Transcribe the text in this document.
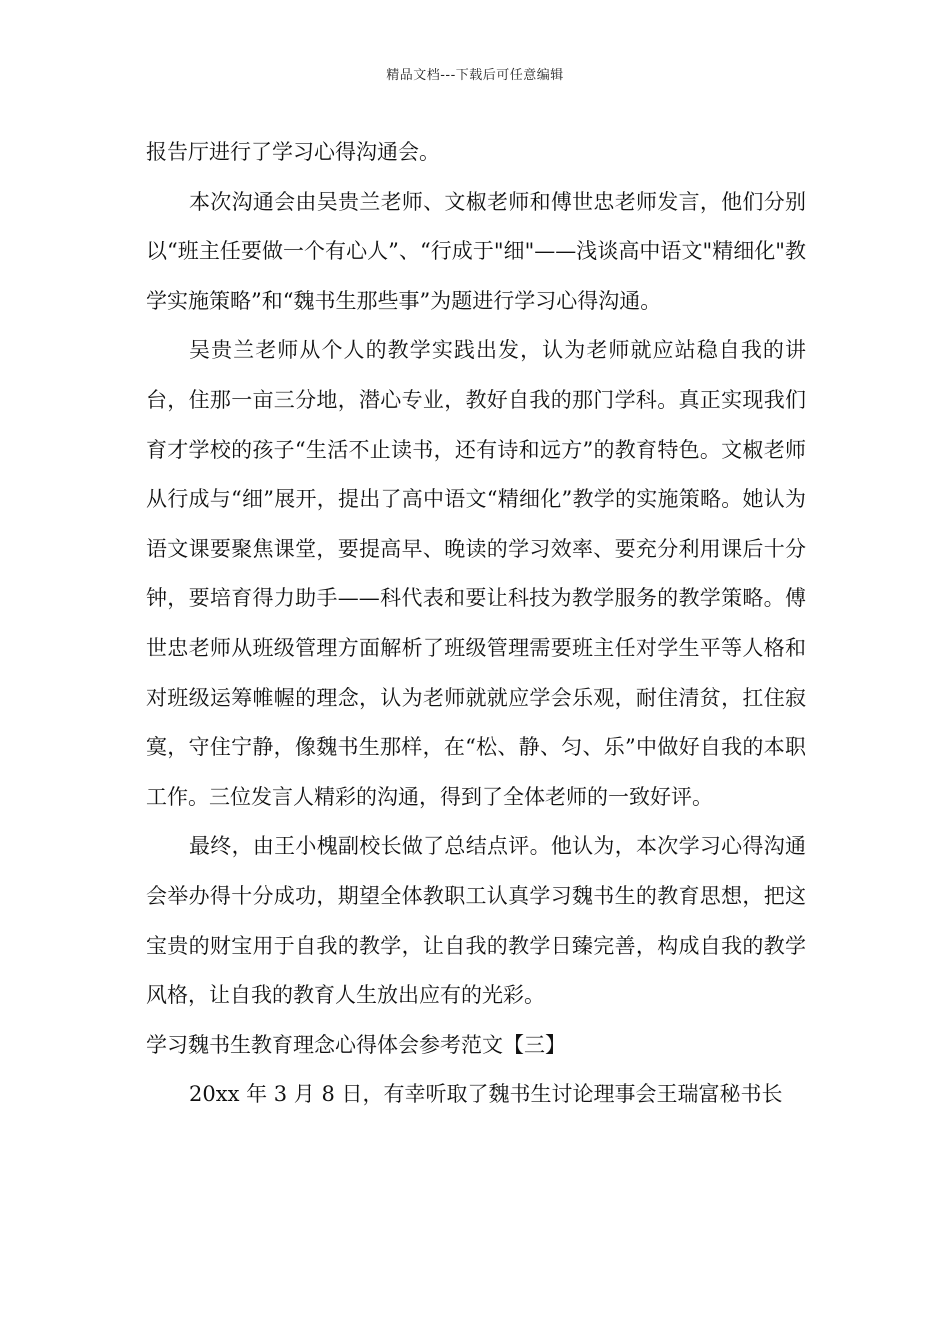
精品文档---下载后可任意编辑

报告厅进行了学习心得沟通会。

本次沟通会由吴贵兰老师、文椒老师和傅世忠老师发言，他们分别以“班主任要做一个有心人”、“行成于"细"——浅谈高中语文"精细化"教学实施策略”和“魏书生那些事”为题进行学习心得沟通。

吴贵兰老师从个人的教学实践出发，认为老师就应站稳自我的讲台，住那一亩三分地，潜心专业，教好自我的那门学科。真正实现我们育才学校的孩子“生活不止读书，还有诗和远方”的教育特色。文椒老师从行成与“细”展开，提出了高中语文“精细化”教学的实施策略。她认为语文课要聚焦课堂，要提高早、晚读的学习效率、要充分利用课后十分钟，要培育得力助手——科代表和要让科技为教学服务的教学策略。傅世忠老师从班级管理方面解析了班级管理需要班主任对学生平等人格和对班级运筹帷幄的理念，认为老师就就应学会乐观，耐住清贫，扛住寂寞，守住宁静，像魏书生那样，在“松、静、匀、乐”中做好自我的本职工作。三位发言人精彩的沟通，得到了全体老师的一致好评。

最终，由王小槐副校长做了总结点评。他认为，本次学习心得沟通会举办得十分成功，期望全体教职工认真学习魏书生的教育思想，把这宝贵的财宝用于自我的教学，让自我的教学日臻完善，构成自我的教学风格，让自我的教育人生放出应有的光彩。

学习魏书生教育理念心得体会参考范文【三】

20xx 年 3 月 8 日，有幸听取了魏书生讨论理事会王瑞富秘书长
